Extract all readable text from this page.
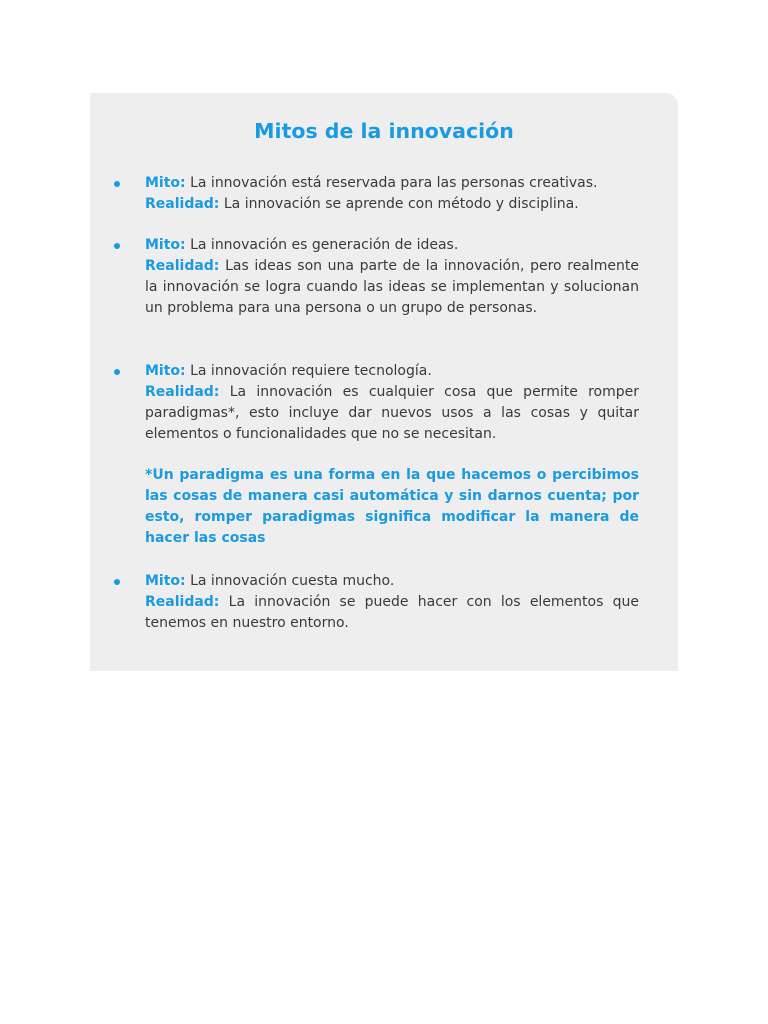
Mitos de la innovación
Mito: La innovación está reservada para las personas creativas.
Realidad: La innovación se aprende con método y disciplina.
Mito: La innovación es generación de ideas.
Realidad: Las ideas son una parte de la innovación, pero realmente la innovación se logra cuando las ideas se implementan y solucionan un problema para una persona o un grupo de personas.
Mito: La innovación requiere tecnología.
Realidad: La innovación es cualquier cosa que permite romper paradigmas*, esto incluye dar nuevos usos a las cosas y quitar elementos o funcionalidades que no se necesitan.
*Un paradigma es una forma en la que hacemos o percibimos las cosas de manera casi automática y sin darnos cuenta; por esto, romper paradigmas significa modificar la manera de hacer las cosas
Mito: La innovación cuesta mucho.
Realidad: La innovación se puede hacer con los elementos que tenemos en nuestro entorno.
